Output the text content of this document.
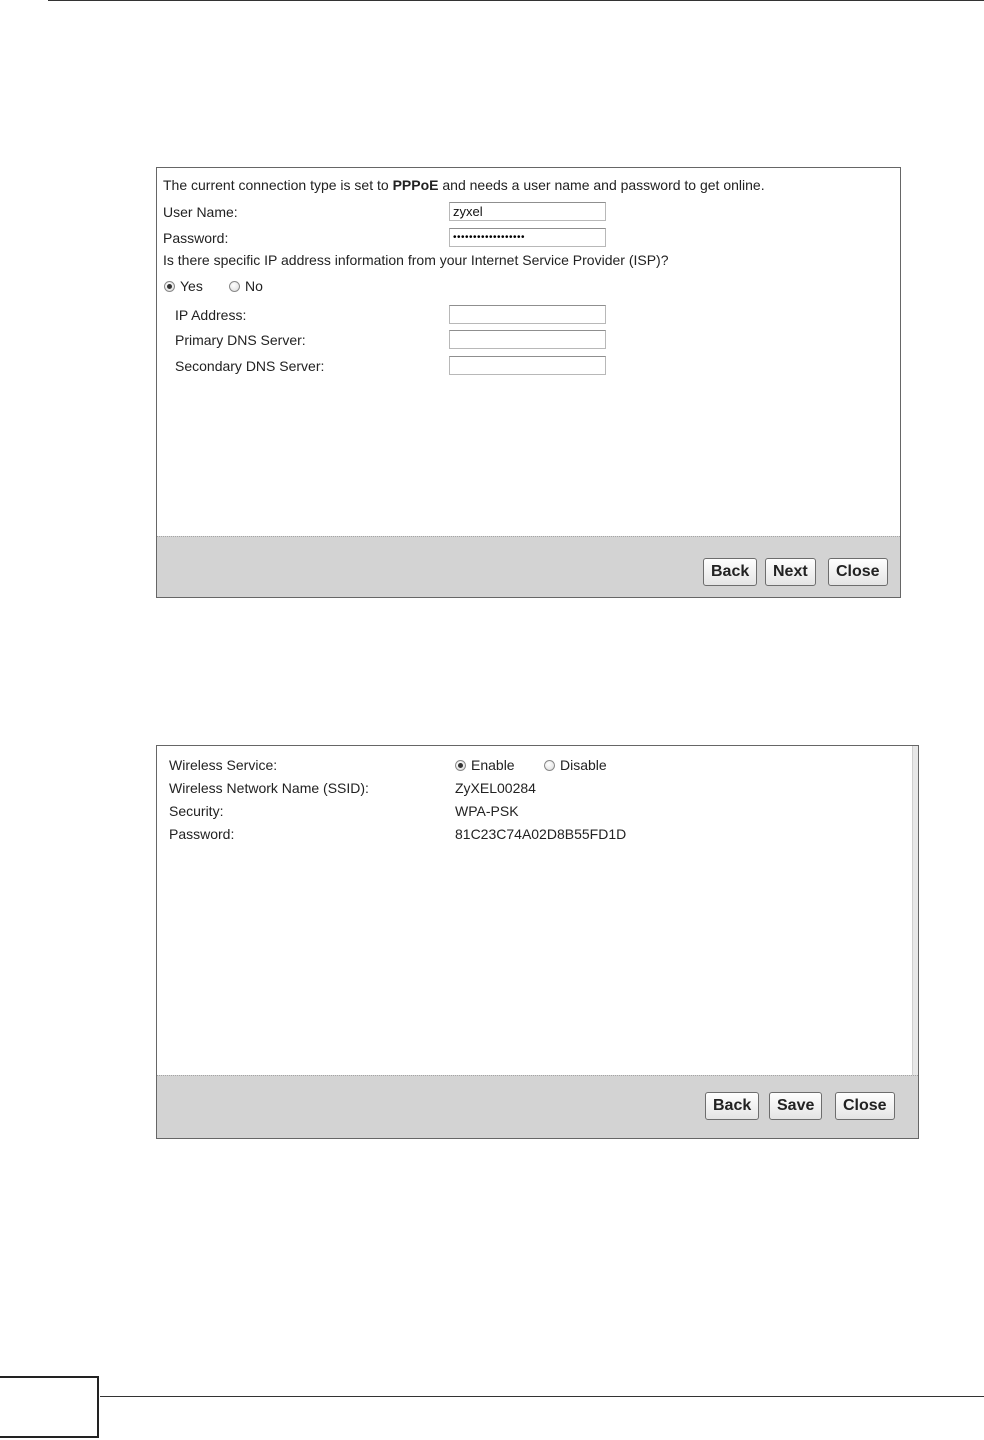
The current connection type is set to PPPoE and needs a user name and password to get online.
User Name:
zyxel
Password:	••••••••••••••••••
Is there specific IP address information from your Internet Service Provider (ISP)?
Yes	No
IP Address:
Primary DNS Server:
Secondary DNS Server:
Back	Next	Close
Wireless Service:	Enable	Disable
Wireless Network Name (SSID):	ZyXEL00284
Security:	WPA-PSK
Password:	81C23C74A02D8B55FD1D
Back	Save	Close
